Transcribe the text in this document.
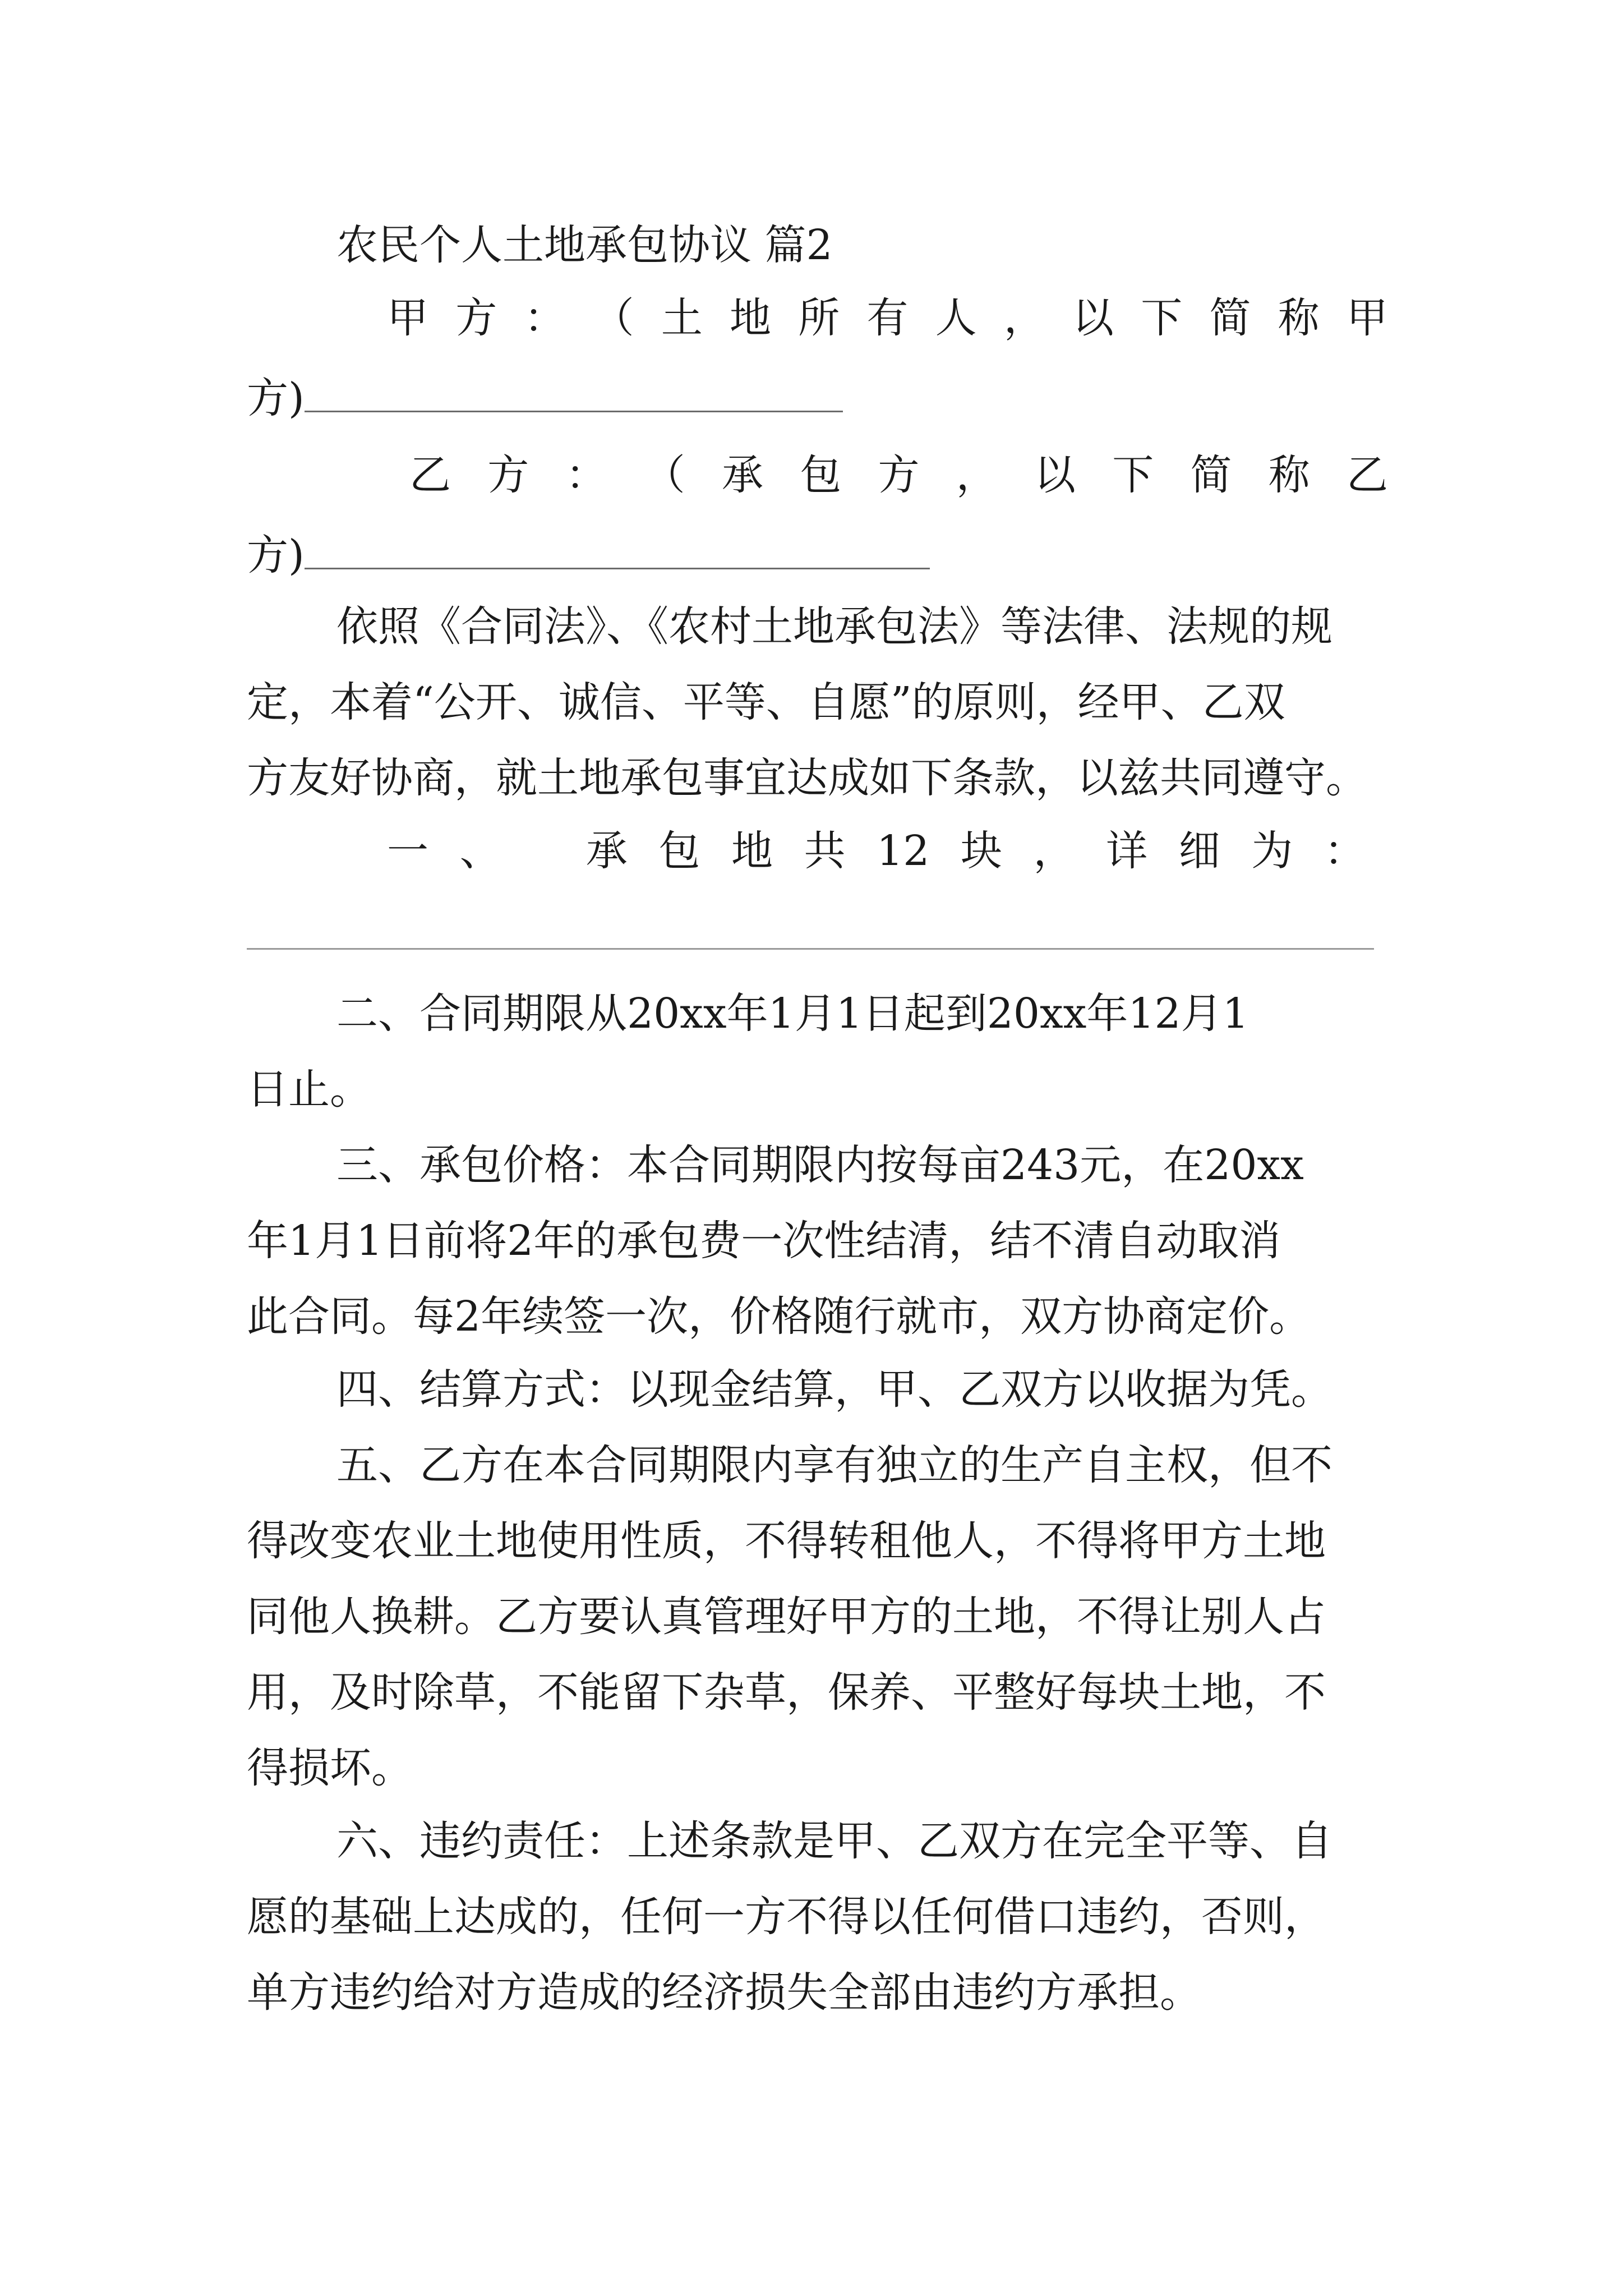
农民个人土地承包协议 篇2
甲 方 ： （ 土 地 所 有 人 ， 以 下 简 称 甲
方)
乙 方 ： （ 承 包 方 ， 以 下 简 称 乙
方)
依照《合同法》、《农村土地承包法》等法律、法规的规
定，本着“公开、诚信、平等、自愿”的原则，经甲、乙双
方友好协商，就土地承包事宜达成如下条款，以兹共同遵守。
一 、 承 包 地 共 12 块 ， 详 细 为 ：
二、合同期限从20xx年1月1日起到20xx年12月1
日止。
三、承包价格：本合同期限内按每亩243元，在20xx
年1月1日前将2年的承包费一次性结清，结不清自动取消
此合同。每2年续签一次，价格随行就市，双方协商定价。
四、结算方式：以现金结算，甲、乙双方以收据为凭。
五、乙方在本合同期限内享有独立的生产自主权，但不
得改变农业土地使用性质，不得转租他人，不得将甲方土地
同他人换耕。乙方要认真管理好甲方的土地，不得让别人占
用，及时除草，不能留下杂草，保养、平整好每块土地，不
得损坏。
六、违约责任：上述条款是甲、乙双方在完全平等、自
愿的基础上达成的，任何一方不得以任何借口违约，否则，
单方违约给对方造成的经济损失全部由违约方承担。
